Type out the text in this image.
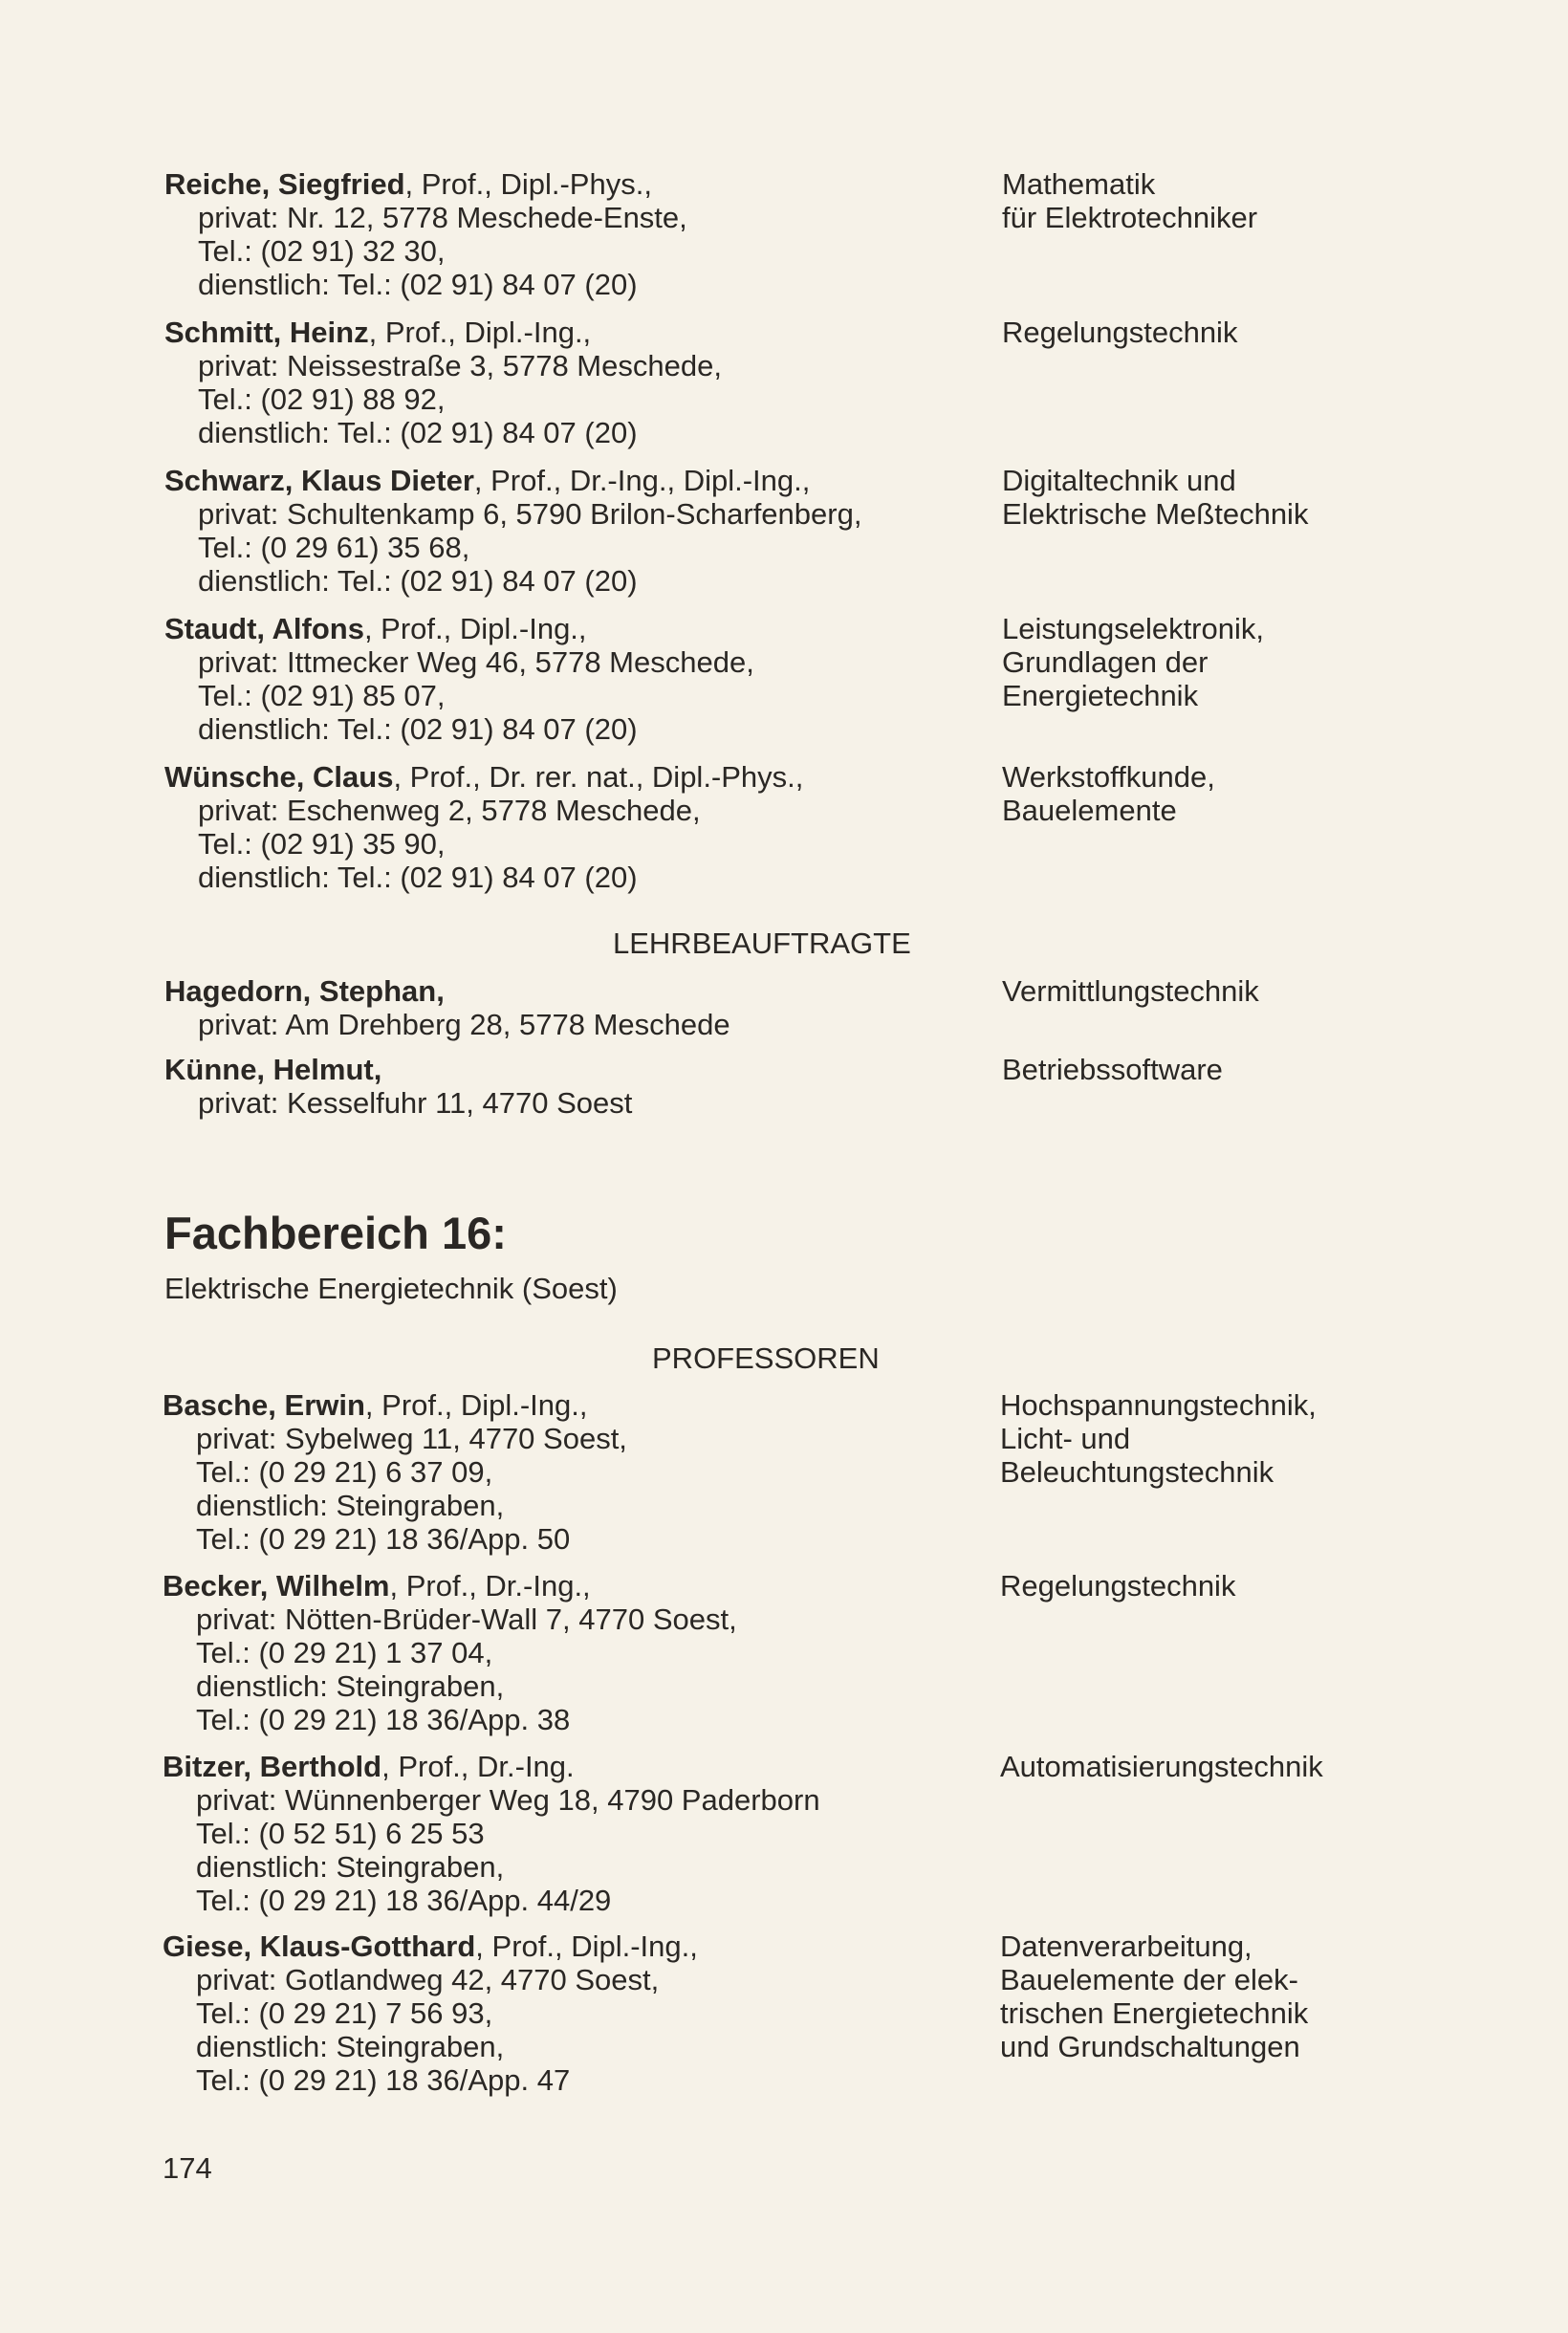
Reiche, Siegfried, Prof., Dipl.-Phys.,
privat: Nr. 12, 5778 Meschede-Enste,
Tel.: (02 91) 32 30,
dienstlich: Tel.: (02 91) 84 07 (20)
Mathematik
für Elektrotechniker
Schmitt, Heinz, Prof., Dipl.-Ing.,
privat: Neissestraße 3, 5778 Meschede,
Tel.: (02 91) 88 92,
dienstlich: Tel.: (02 91) 84 07 (20)
Regelungstechnik
Schwarz, Klaus Dieter, Prof., Dr.-Ing., Dipl.-Ing.,
privat: Schultenkamp 6, 5790 Brilon-Scharfenberg,
Tel.: (0 29 61) 35 68,
dienstlich: Tel.: (02 91) 84 07 (20)
Digitaltechnik und
Elektrische Meßtechnik
Staudt, Alfons, Prof., Dipl.-Ing.,
privat: Ittmecker Weg 46, 5778 Meschede,
Tel.: (02 91) 85 07,
dienstlich: Tel.: (02 91) 84 07 (20)
Leistungselektronik,
Grundlagen der
Energietechnik
Wünsche, Claus, Prof., Dr. rer. nat., Dipl.-Phys.,
privat: Eschenweg 2, 5778 Meschede,
Tel.: (02 91) 35 90,
dienstlich: Tel.: (02 91) 84 07 (20)
Werkstoffkunde,
Bauelemente
LEHRBEAUFTRAGTE
Hagedorn, Stephan,
privat: Am Drehberg 28, 5778 Meschede
Vermittlungstechnik
Künne, Helmut,
privat: Kesselfuhr 11, 4770 Soest
Betriebssoftware
Fachbereich 16:
Elektrische Energietechnik (Soest)
PROFESSOREN
Basche, Erwin, Prof., Dipl.-Ing.,
privat: Sybelweg 11, 4770 Soest,
Tel.: (0 29 21) 6 37 09,
dienstlich: Steingraben,
Tel.: (0 29 21) 18 36/App. 50
Hochspannungstechnik,
Licht- und
Beleuchtungstechnik
Becker, Wilhelm, Prof., Dr.-Ing.,
privat: Nötten-Brüder-Wall 7, 4770 Soest,
Tel.: (0 29 21) 1 37 04,
dienstlich: Steingraben,
Tel.: (0 29 21) 18 36/App. 38
Regelungstechnik
Bitzer, Berthold, Prof., Dr.-Ing.
privat: Wünnenberger Weg 18, 4790 Paderborn
Tel.: (0 52 51) 6 25 53
dienstlich: Steingraben,
Tel.: (0 29 21) 18 36/App. 44/29
Automatisierungstechnik
Giese, Klaus-Gotthard, Prof., Dipl.-Ing.,
privat: Gotlandweg 42, 4770 Soest,
Tel.: (0 29 21) 7 56 93,
dienstlich: Steingraben,
Tel.: (0 29 21) 18 36/App. 47
Datenverarbeitung,
Bauelemente der elek-
trischen Energietechnik
und Grundschaltungen
174
